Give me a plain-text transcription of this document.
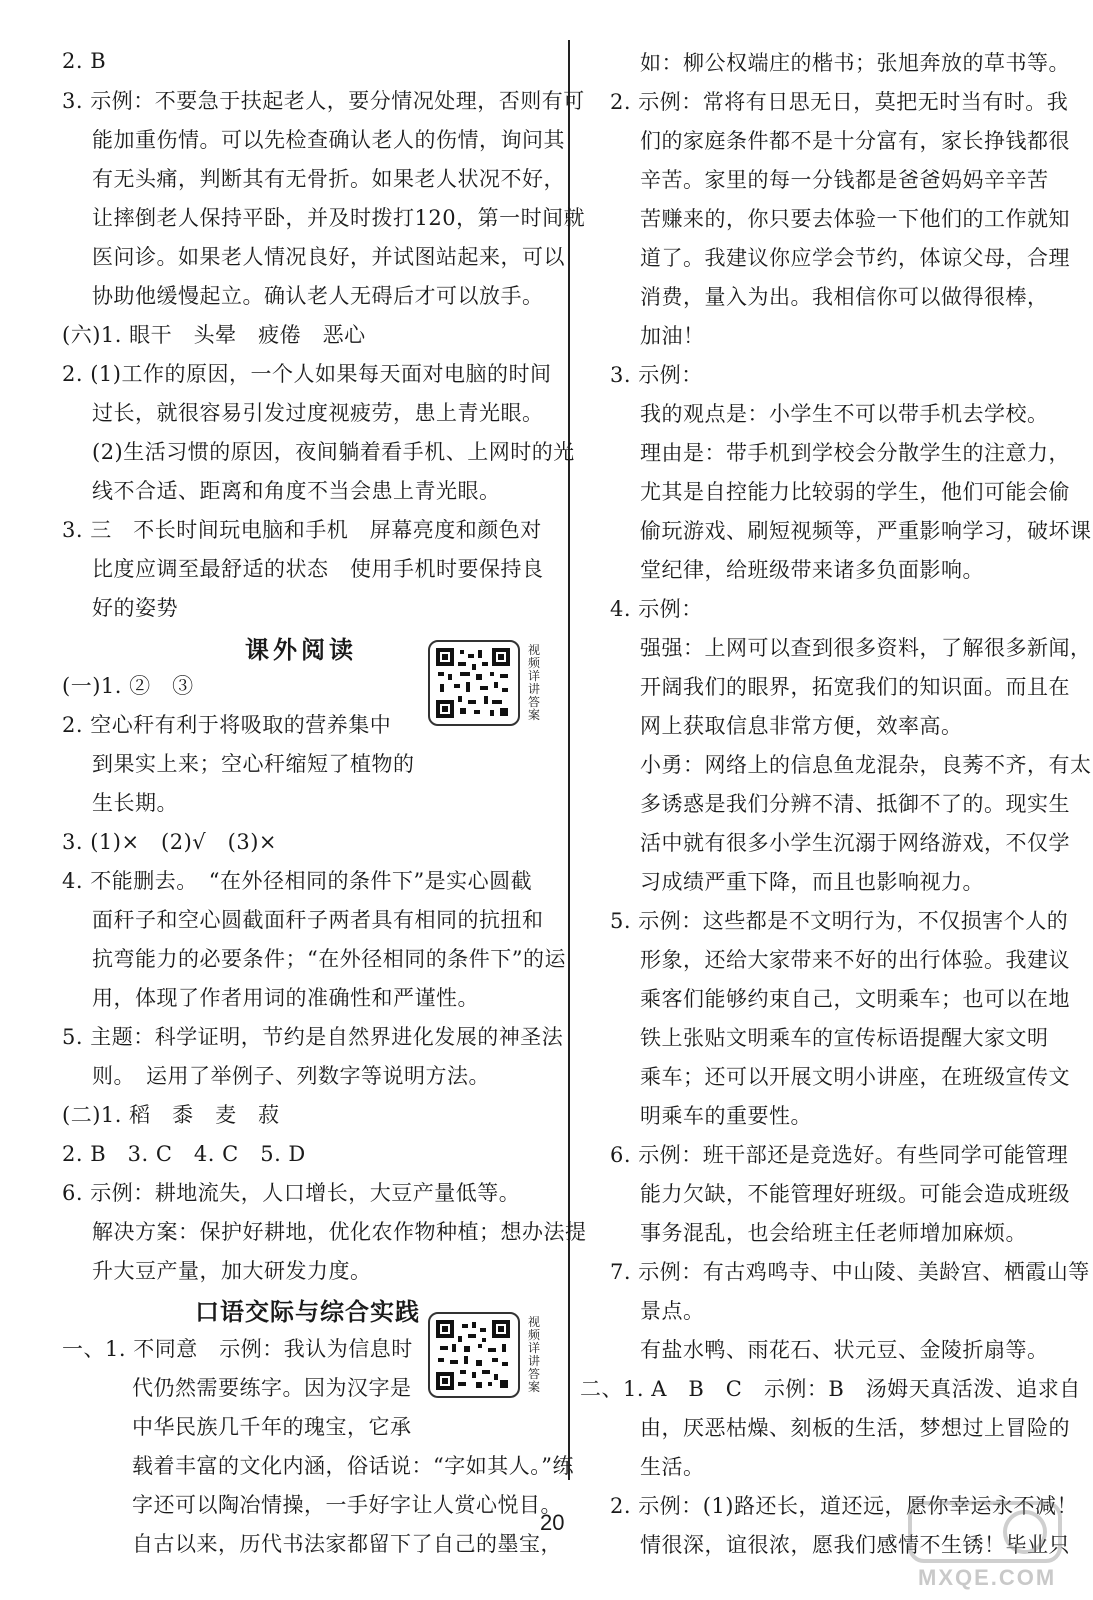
2. B
3. 示例：不要急于扶起老人，要分情况处理，否则有可
能加重伤情。可以先检查确认老人的伤情，询问其
有无头痛，判断其有无骨折。如果老人状况不好，
让摔倒老人保持平卧，并及时拨打120，第一时间就
医问诊。如果老人情况良好，并试图站起来，可以
协助他缓慢起立。确认老人无碍后才可以放手。
(六)1. 眼干　头晕　疲倦　恶心
2. (1)工作的原因，一个人如果每天面对电脑的时间
过长，就很容易引发过度视疲劳，患上青光眼。
(2)生活习惯的原因，夜间躺着看手机、上网时的光
线不合适、距离和角度不当会患上青光眼。
3. 三　不长时间玩电脑和手机　屏幕亮度和颜色对
比度应调至最舒适的状态　使用手机时要保持良
好的姿势
课外阅读
(一)1. ②　③
2. 空心秆有利于将吸取的营养集中
到果实上来；空心秆缩短了植物的
生长期。
视频详讲答案
3. (1)×　(2)√　(3)×
4. 不能删去。　“在外径相同的条件下”是实心圆截
面秆子和空心圆截面秆子两者具有相同的抗扭和
抗弯能力的必要条件；“在外径相同的条件下”的运
用，体现了作者用词的准确性和严谨性。
5. 主题：科学证明，节约是自然界进化发展的神圣法
则。　运用了举例子、列数字等说明方法。
(二)1. 稻　黍　麦　菽
2. B　3. C　4. C　5. D
6. 示例：耕地流失，人口增长，大豆产量低等。
解决方案：保护好耕地，优化农作物种植；想办法提
升大豆产量，加大研发力度。
口语交际与综合实践
一、1. 不同意　示例：我认为信息时
代仍然需要练字。因为汉字是
中华民族几千年的瑰宝，它承
载着丰富的文化内涵，俗话说：“字如其人。”练
字还可以陶冶情操，一手好字让人赏心悦目。
自古以来，历代书法家都留下了自己的墨宝，
视频详讲答案
如：柳公权端庄的楷书；张旭奔放的草书等。
2. 示例：常将有日思无日，莫把无时当有时。我
们的家庭条件都不是十分富有，家长挣钱都很
辛苦。家里的每一分钱都是爸爸妈妈辛辛苦
苦赚来的，你只要去体验一下他们的工作就知
道了。我建议你应学会节约，体谅父母，合理
消费，量入为出。我相信你可以做得很棒，
加油！
3. 示例：
我的观点是：小学生不可以带手机去学校。
理由是：带手机到学校会分散学生的注意力，
尤其是自控能力比较弱的学生，他们可能会偷
偷玩游戏、刷短视频等，严重影响学习，破坏课
堂纪律，给班级带来诸多负面影响。
4. 示例：
强强：上网可以查到很多资料，了解很多新闻，
开阔我们的眼界，拓宽我们的知识面。而且在
网上获取信息非常方便，效率高。
小勇：网络上的信息鱼龙混杂，良莠不齐，有太
多诱惑是我们分辨不清、抵御不了的。现实生
活中就有很多小学生沉溺于网络游戏，不仅学
习成绩严重下降，而且也影响视力。
5. 示例：这些都是不文明行为，不仅损害个人的
形象，还给大家带来不好的出行体验。我建议
乘客们能够约束自己，文明乘车；也可以在地
铁上张贴文明乘车的宣传标语提醒大家文明
乘车；还可以开展文明小讲座，在班级宣传文
明乘车的重要性。
6. 示例：班干部还是竞选好。有些同学可能管理
能力欠缺，不能管理好班级。可能会造成班级
事务混乱，也会给班主任老师增加麻烦。
7. 示例：有古鸡鸣寺、中山陵、美龄宫、栖霞山等
景点。
有盐水鸭、雨花石、状元豆、金陵折扇等。
二、1. A　B　C　示例：B　汤姆天真活泼、追求自
由，厌恶枯燥、刻板的生活，梦想过上冒险的
生活。
2. 示例：(1)路还长，道还远，愿你幸运永不减！
情很深，谊很浓，愿我们感情不生锈！毕业只
20
MXQE.COM
